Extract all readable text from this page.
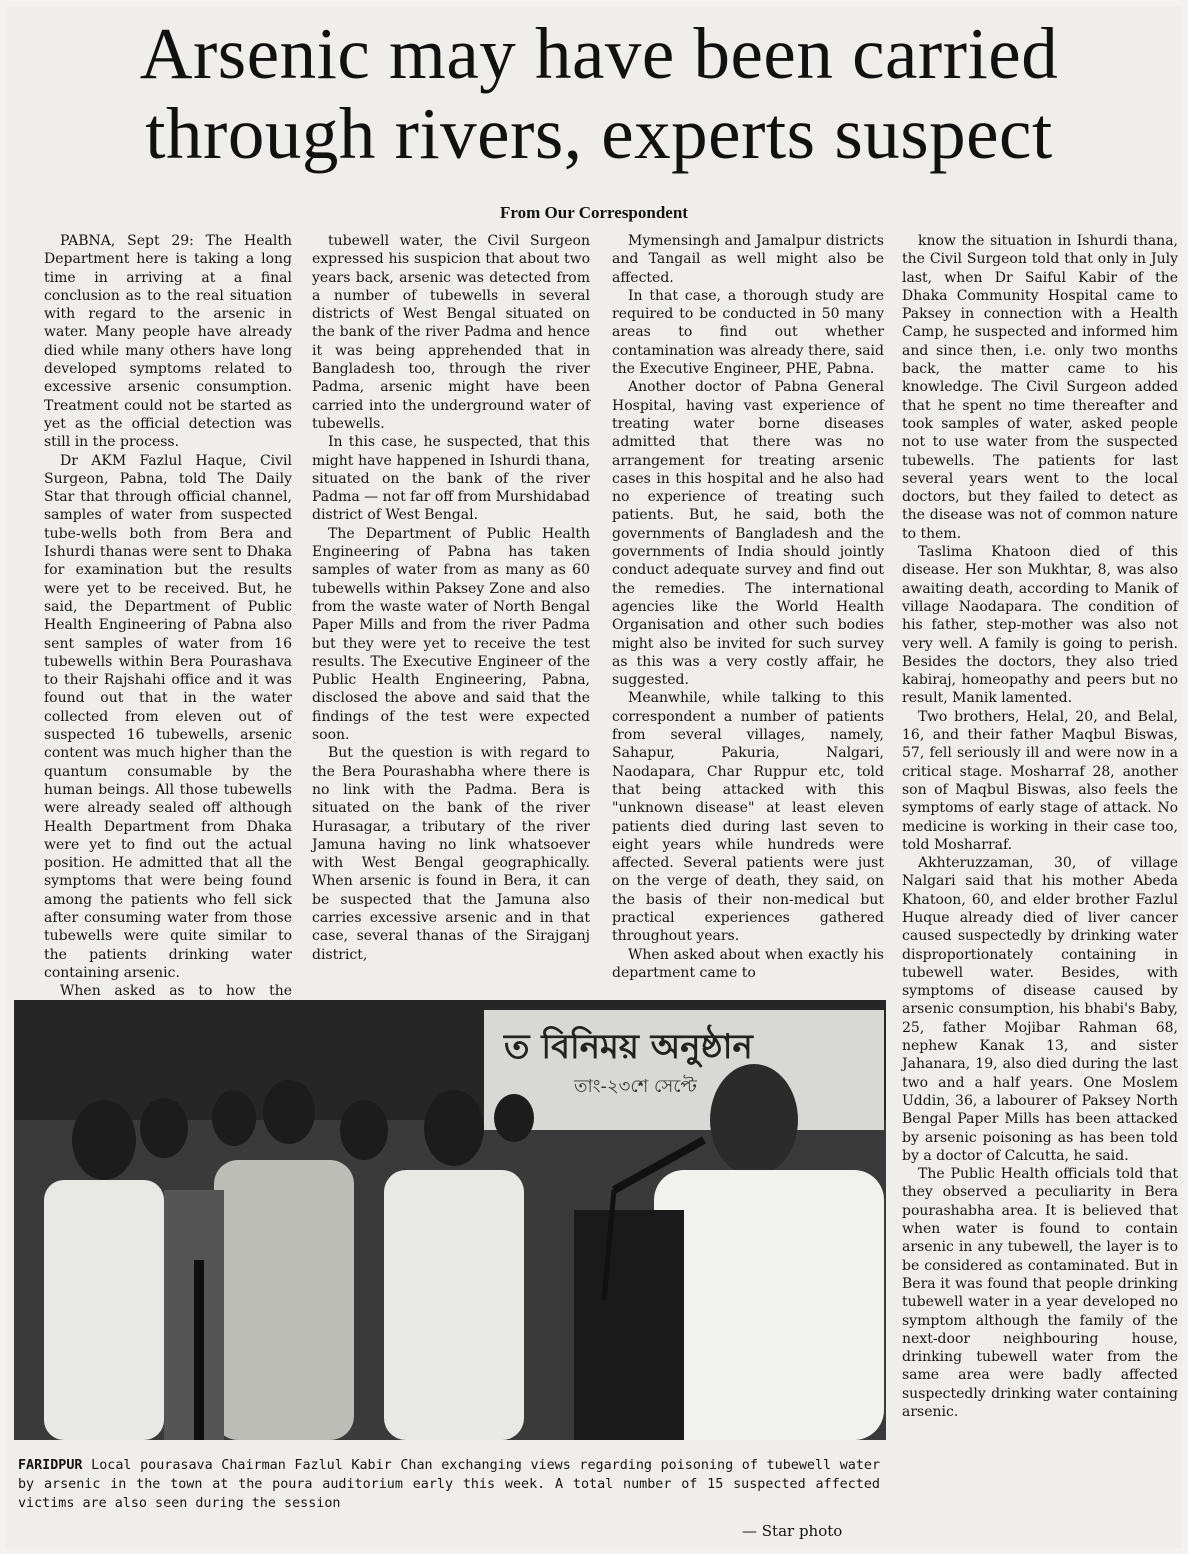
Arsenic may have been carried
through rivers, experts suspect
From Our Correspondent

PABNA, Sept 29: The Health Department here is taking a long time in arriving at a final conclusion as to the real situation with regard to the arsenic in water. Many people have already died while many others have long developed symptoms related to excessive arsenic consumption. Treatment could not be started as yet as the official detection was still in the process.

Dr AKM Fazlul Haque, Civil Surgeon, Pabna, told The Daily Star that through official channel, samples of water from suspected tube-wells both from Bera and Ishurdi thanas were sent to Dhaka for examination but the results were yet to be received. But, he said, the Department of Public Health Engineering of Pabna also sent samples of water from 16 tubewells within Bera Pourashava to their Rajshahi office and it was found out that in the water collected from eleven out of suspected 16 tubewells, arsenic content was much higher than the quantum consumable by the human beings. All those tubewells were already sealed off although Health Department from Dhaka were yet to find out the actual position. He admitted that all the symptoms that were being found among the patients who fell sick after consuming water from those tubewells were quite similar to the patients drinking water containing arsenic.

When asked as to how the

tubewell water, the Civil Surgeon expressed his suspicion that about two years back, arsenic was detected from a number of tubewells in several districts of West Bengal situated on the bank of the river Padma and hence it was being apprehended that in Bangladesh too, through the river Padma, arsenic might have been carried into the underground water of tubewells.

In this case, he suspected, that this might have happened in Ishurdi thana, situated on the bank of the river Padma — not far off from Murshidabad district of West Bengal.

The Department of Public Health Engineering of Pabna has taken samples of water from as many as 60 tubewells within Paksey Zone and also from the waste water of North Bengal Paper Mills and from the river Padma but they were yet to receive the test results. The Executive Engineer of the Public Health Engineering, Pabna, disclosed the above and said that the findings of the test were expected soon.

But the question is with regard to the Bera Pourashabha where there is no link with the Padma. Bera is situated on the bank of the river Hurasagar, a tributary of the river Jamuna having no link whatsoever with West Bengal geographically. When arsenic is found in Bera, it can be suspected that the Jamuna also carries excessive arsenic and in that case, several thanas of the Sirajganj district,

Mymensingh and Jamalpur districts and Tangail as well might also be affected.

In that case, a thorough study are required to be conducted in 50 many areas to find out whether contamination was already there, said the Executive Engineer, PHE, Pabna.

Another doctor of Pabna General Hospital, having vast experience of treating water borne diseases admitted that there was no arrangement for treating arsenic cases in this hospital and he also had no experience of treating such patients. But, he said, both the governments of Bangladesh and the governments of India should jointly conduct adequate survey and find out the remedies. The international agencies like the World Health Organisation and other such bodies might also be invited for such survey as this was a very costly affair, he suggested.

Meanwhile, while talking to this correspondent a number of patients from several villages, namely, Sahapur, Pakuria, Nalgari, Naodapara, Char Ruppur etc, told that being attacked with this "unknown disease" at least eleven patients died during last seven to eight years while hundreds were affected. Several patients were just on the verge of death, they said, on the basis of their non-medical but practical experiences gathered throughout years.

When asked about when exactly his department came to

know the situation in Ishurdi thana, the Civil Surgeon told that only in July last, when Dr Saiful Kabir of the Dhaka Community Hospital came to Paksey in connection with a Health Camp, he suspected and informed him and since then, i.e. only two months back, the matter came to his knowledge. The Civil Surgeon added that he spent no time thereafter and took samples of water, asked people not to use water from the suspected tubewells. The patients for last several years went to the local doctors, but they failed to detect as the disease was not of common nature to them.

Taslima Khatoon died of this disease. Her son Mukhtar, 8, was also awaiting death, according to Manik of village Naodapara. The condition of his father, step-mother was also not very well. A family is going to perish. Besides the doctors, they also tried kabiraj, homeopathy and peers but no result, Manik lamented.

Two brothers, Helal, 20, and Belal, 16, and their father Maqbul Biswas, 57, fell seriously ill and were now in a critical stage. Mosharraf 28, another son of Maqbul Biswas, also feels the symptoms of early stage of attack. No medicine is working in their case too, told Mosharraf.

Akhteruzzaman, 30, of village Nalgari said that his mother Abeda Khatoon, 60, and elder brother Fazlul Huque already died of liver cancer caused suspectedly by drinking water disproportionately containing in tubewell water. Besides, with symptoms of disease caused by arsenic consumption, his bhabi's Baby, 25, father Mojibar Rahman 68, nephew Kanak 13, and sister Jahanara, 19, also died during the last two and a half years. One Moslem Uddin, 36, a labourer of Paksey North Bengal Paper Mills has been attacked by arsenic poisoning as has been told by a doctor of Calcutta, he said.

The Public Health officials told that they observed a peculiarity in Bera pourashabha area. It is believed that when water is found to contain arsenic in any tubewell, the layer is to be considered as contaminated. But in Bera it was found that people drinking tubewell water in a year developed no symptom although the family of the next-door neighbouring house, drinking tubewell water from the same area were badly affected suspectedly drinking water containing arsenic.

ত বিনিময় অনুষ্ঠান
তাং-২৩শে সেপ্টে
FARIDPUR Local pourasava Chairman Fazlul Kabir Chan exchanging views regarding poisoning of tubewell water by arsenic in the town at the poura auditorium early this week. A total number of 15 suspected affected victims are also seen during the session
— Star photo
